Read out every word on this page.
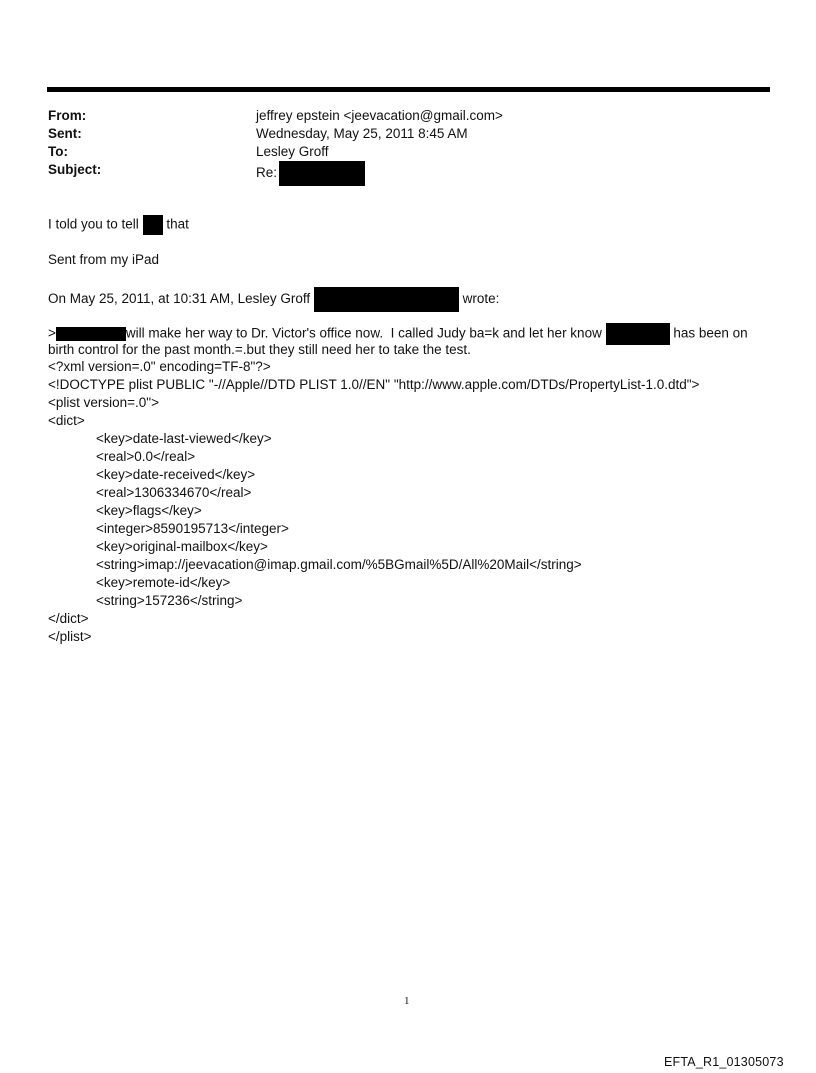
From:	jeffrey epstein <jeevacation@gmail.com>
Sent:	Wednesday, May 25, 2011 8:45 AM
To:	Lesley Groff
Subject:	Re:
I told you to tell  that
Sent from my iPad
On May 25, 2011, at 10:31 AM, Lesley Groff	wrote:
>	will make her way to Dr. Victor's office now.  I called Judy ba=k and let her know	has been on
birth control for the past month.=.but they still need her to take the test.
<?xml version=.0" encoding=TF-8"?>
<!DOCTYPE plist PUBLIC "-//Apple//DTD PLIST 1.0//EN" "http://www.apple.com/DTDs/PropertyList-1.0.dtd">
<plist version=.0">
<dict>
<key>date-last-viewed</key>
<real>0.0</real>
<key>date-received</key>
<real>1306334670</real>
<key>flags</key>
<integer>8590195713</integer>
<key>original-mailbox</key>
<string>imap://jeevacation@imap.gmail.com/%5BGmail%5D/All%20Mail</string>
<key>remote-id</key>
<string>157236</string>
</dict>
</plist>
1
EFTA_R1_01305073
